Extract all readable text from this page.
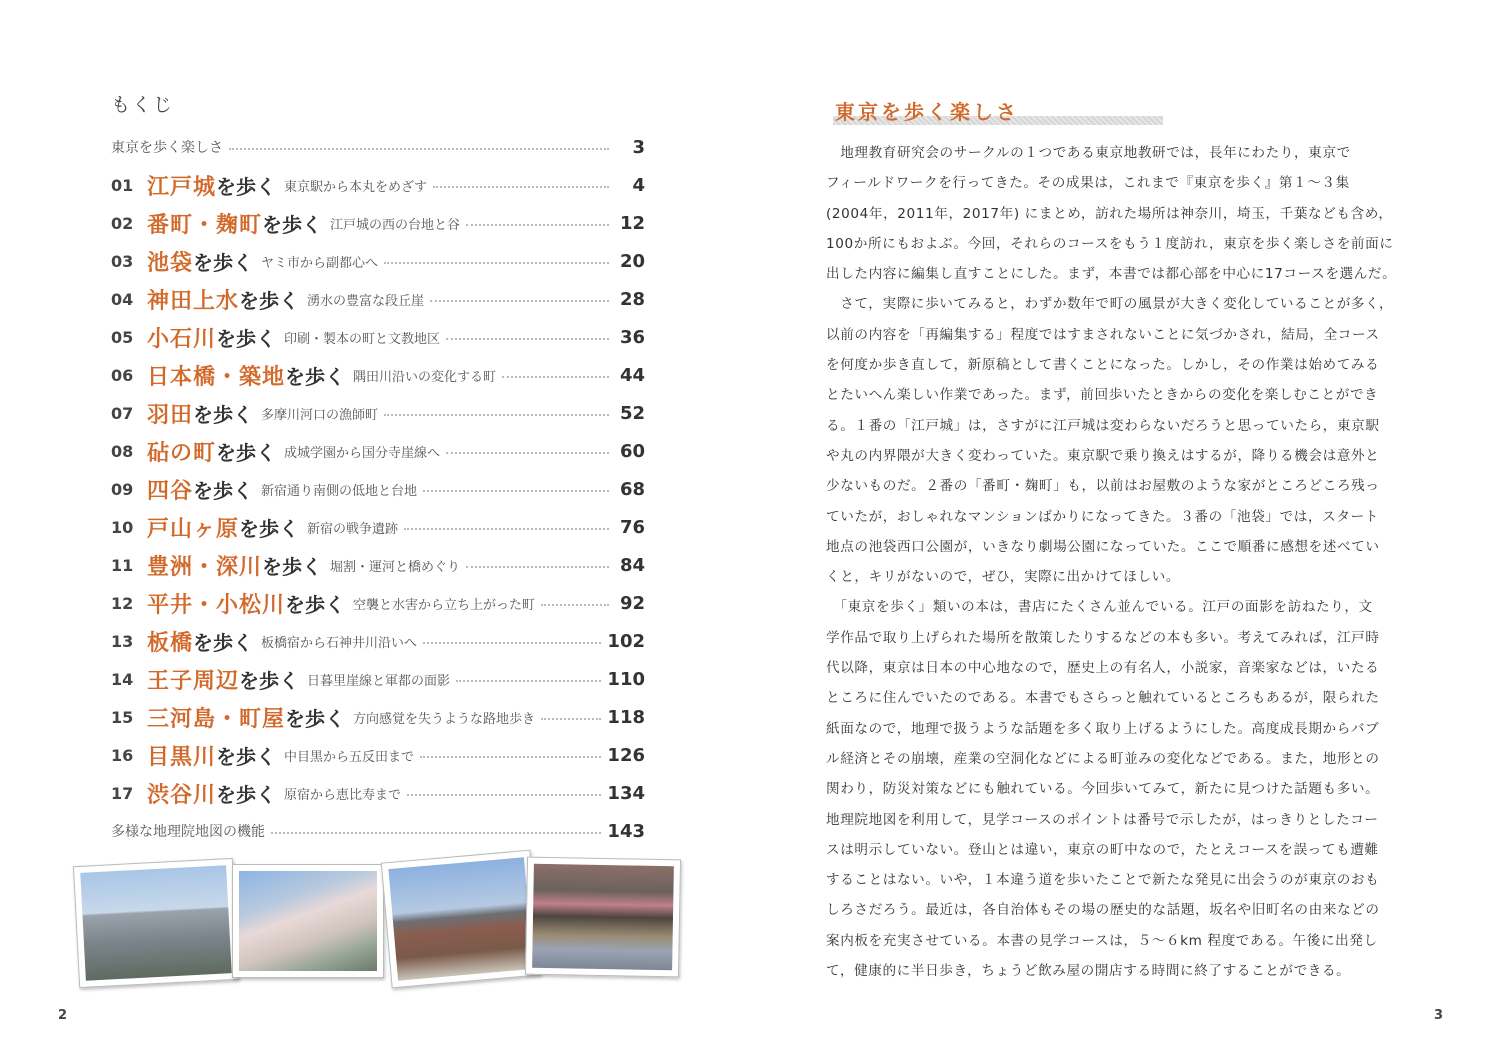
もくじ
東京を歩く楽しさ	3
01 江戸城 を歩く 東京駅から本丸をめざす	4
02 番町・麹町 を歩く 江戸城の西の台地と谷	12
03 池袋 を歩く ヤミ市から副都心へ	20
04 神田上水 を歩く 湧水の豊富な段丘崖	28
05 小石川 を歩く 印刷・製本の町と文教地区	36
06 日本橋・築地 を歩く 隅田川沿いの変化する町	44
07 羽田 を歩く 多摩川河口の漁師町	52
08 砧の町 を歩く 成城学園から国分寺崖線へ	60
09 四谷 を歩く 新宿通り南側の低地と台地	68
10 戸山ヶ原 を歩く 新宿の戦争遺跡	76
11 豊洲・深川 を歩く 堀割・運河と橋めぐり	84
12 平井・小松川 を歩く 空襲と水害から立ち上がった町	92
13 板橋 を歩く 板橋宿から石神井川沿いへ	102
14 王子周辺 を歩く 日暮里崖線と軍都の面影	110
15 三河島・町屋 を歩く 方向感覚を失うような路地歩き	118
16 目黒川 を歩く 中目黒から五反田まで	126
17 渋谷川 を歩く 原宿から恵比寿まで	134
多様な地理院地図の機能	143
2
東京を歩く楽しさ
　地理教育研究会のサークルの１つである東京地教研では，長年にわたり，東京で
フィールドワークを行ってきた。その成果は，これまで『東京を歩く』第１～３集
(2004年，2011年，2017年) にまとめ，訪れた場所は神奈川，埼玉，千葉なども含め，
100か所にもおよぶ。今回，それらのコースをもう１度訪れ，東京を歩く楽しさを前面に
出した内容に編集し直すことにした。まず，本書では都心部を中心に17コースを選んだ。
　さて，実際に歩いてみると，わずか数年で町の風景が大きく変化していることが多く，
以前の内容を「再編集する」程度ではすまされないことに気づかされ，結局，全コース
を何度か歩き直して，新原稿として書くことになった。しかし，その作業は始めてみる
とたいへん楽しい作業であった。まず，前回歩いたときからの変化を楽しむことができ
る。１番の「江戸城」は，さすがに江戸城は変わらないだろうと思っていたら，東京駅
や丸の内界隈が大きく変わっていた。東京駅で乗り換えはするが，降りる機会は意外と
少ないものだ。２番の「番町・麹町」も，以前はお屋敷のような家がところどころ残っ
ていたが，おしゃれなマンションばかりになってきた。３番の「池袋」では，スタート
地点の池袋西口公園が，いきなり劇場公園になっていた。ここで順番に感想を述べてい
くと，キリがないので，ぜひ，実際に出かけてほしい。
　「東京を歩く」類いの本は，書店にたくさん並んでいる。江戸の面影を訪ねたり，文
学作品で取り上げられた場所を散策したりするなどの本も多い。考えてみれば，江戸時
代以降，東京は日本の中心地なので，歴史上の有名人，小説家，音楽家などは，いたる
ところに住んでいたのである。本書でもさらっと触れているところもあるが，限られた
紙面なので，地理で扱うような話題を多く取り上げるようにした。高度成長期からバブ
ル経済とその崩壊，産業の空洞化などによる町並みの変化などである。また，地形との
関わり，防災対策などにも触れている。今回歩いてみて，新たに見つけた話題も多い。
地理院地図を利用して，見学コースのポイントは番号で示したが，はっきりとしたコー
スは明示していない。登山とは違い，東京の町中なので，たとえコースを誤っても遭難
することはない。いや，１本違う道を歩いたことで新たな発見に出会うのが東京のおも
しろさだろう。最近は，各自治体もその場の歴史的な話題，坂名や旧町名の由来などの
案内板を充実させている。本書の見学コースは，５～６km 程度である。午後に出発し
て，健康的に半日歩き，ちょうど飲み屋の開店する時間に終了することができる。
3
